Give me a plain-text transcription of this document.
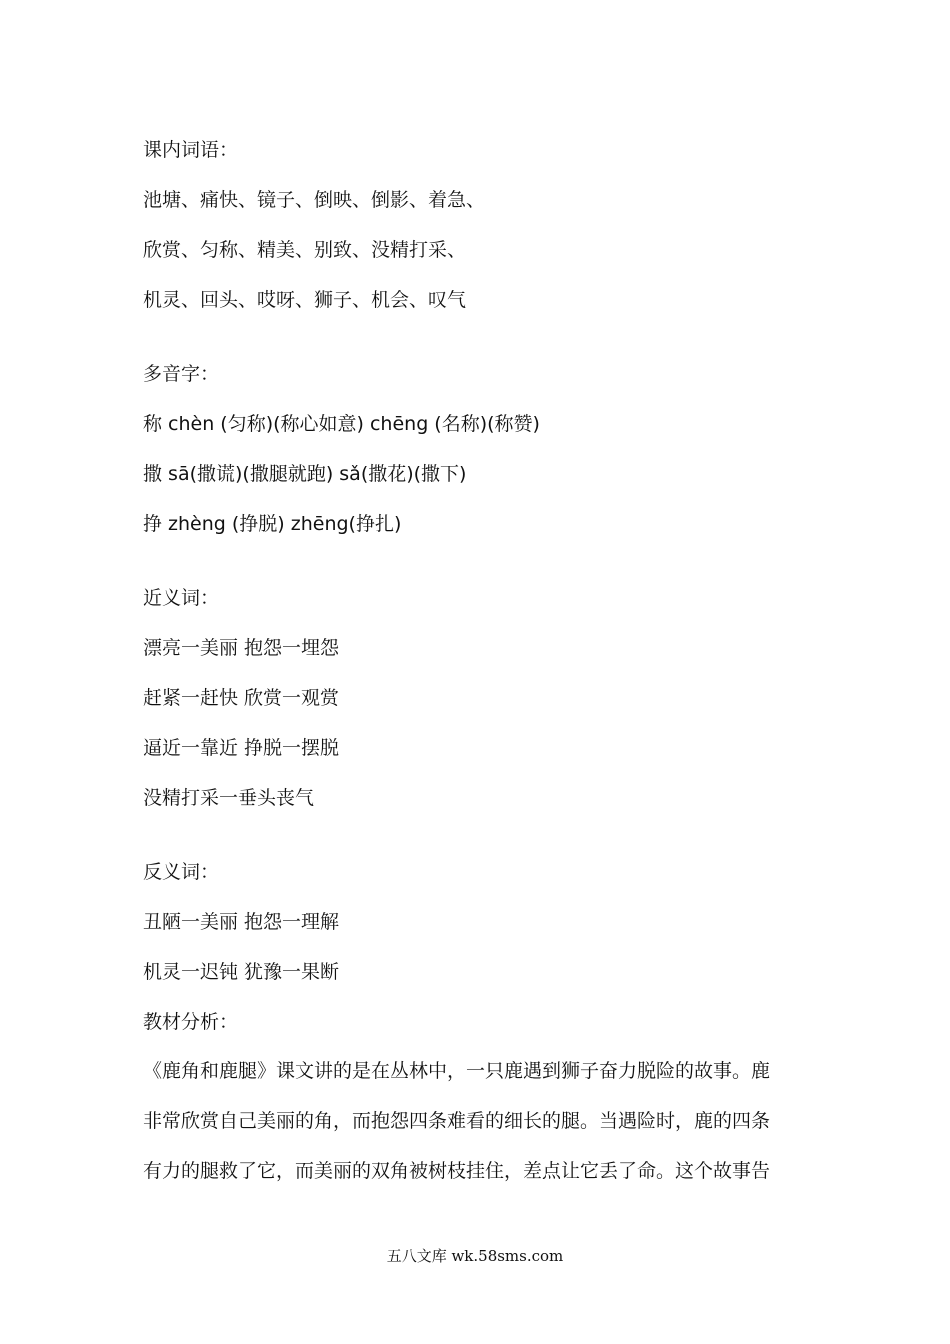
课内词语：
池塘、痛快、镜子、倒映、倒影、着急、
欣赏、匀称、精美、别致、没精打采、
机灵、回头、哎呀、狮子、机会、叹气
多音字：
称 chèn (匀称)(称心如意) chēng (名称)(称赞)
撒 sā(撒谎)(撒腿就跑) sǎ(撒花)(撒下)
挣 zhèng (挣脱) zhēng(挣扎)
近义词：
漂亮一美丽 抱怨一埋怨
赶紧一赶快 欣赏一观赏
逼近一靠近 挣脱一摆脱
没精打采一垂头丧气
反义词：
丑陋一美丽 抱怨一理解
机灵一迟钝 犹豫一果断
教材分析：
《鹿角和鹿腿》课文讲的是在丛林中，一只鹿遇到狮子奋力脱险的故事。鹿
非常欣赏自己美丽的角，而抱怨四条难看的细长的腿。当遇险时，鹿的四条
有力的腿救了它，而美丽的双角被树枝挂住，差点让它丢了命。这个故事告
五八文库 wk.58sms.com
